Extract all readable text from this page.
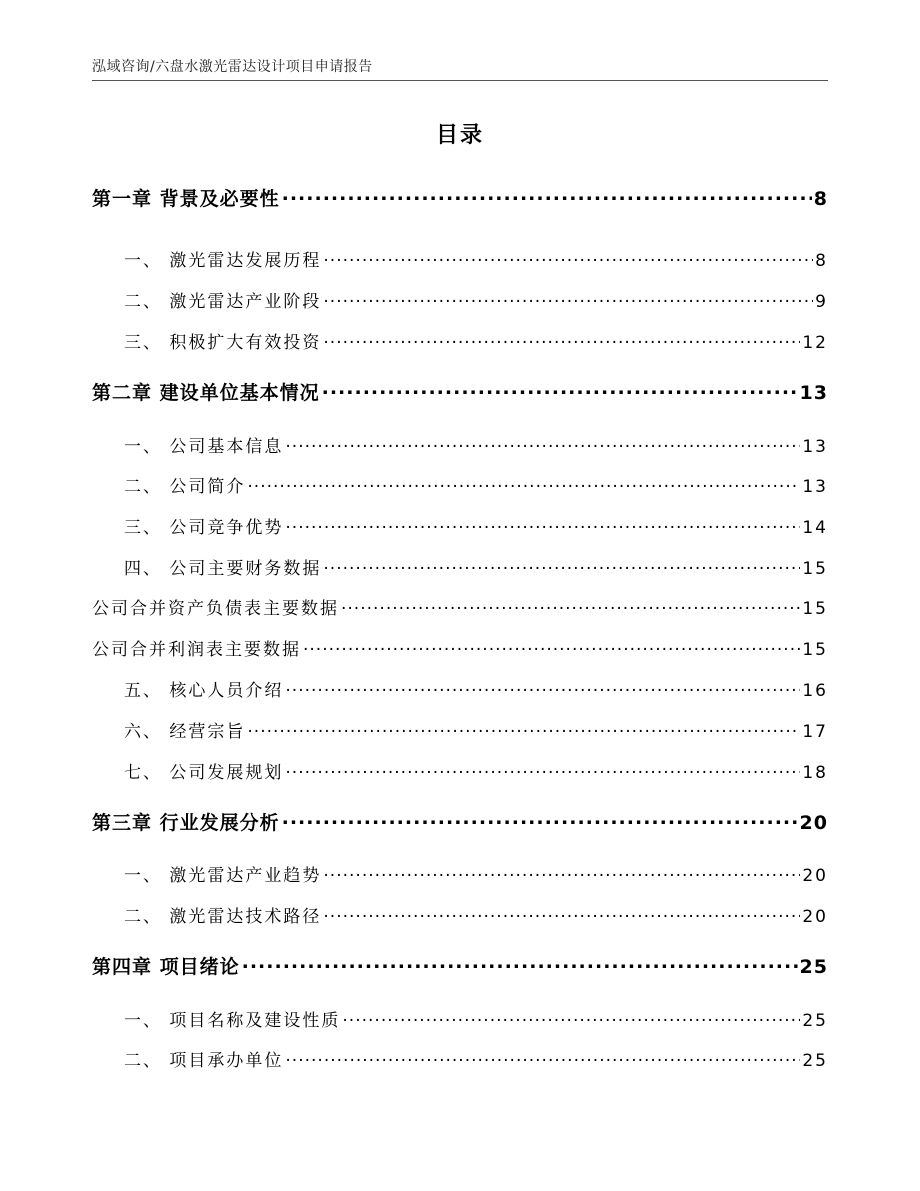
泓域咨询/六盘水激光雷达设计项目申请报告
目录
第一章 背景及必要性 .....	8
一、 激光雷达发展历程 .....	8
二、 激光雷达产业阶段 .....	9
三、 积极扩大有效投资 .....	12
第二章 建设单位基本情况 .....	13
一、 公司基本信息 .....	13
二、 公司简介 .....	13
三、 公司竞争优势 .....	14
四、 公司主要财务数据 .....	15
公司合并资产负债表主要数据 .....	15
公司合并利润表主要数据 .....	15
五、 核心人员介绍 .....	16
六、 经营宗旨 .....	17
七、 公司发展规划 .....	18
第三章 行业发展分析 .....	20
一、 激光雷达产业趋势 .....	20
二、 激光雷达技术路径 .....	20
第四章 项目绪论 .....	25
一、 项目名称及建设性质 .....	25
二、 项目承办单位 .....	25
